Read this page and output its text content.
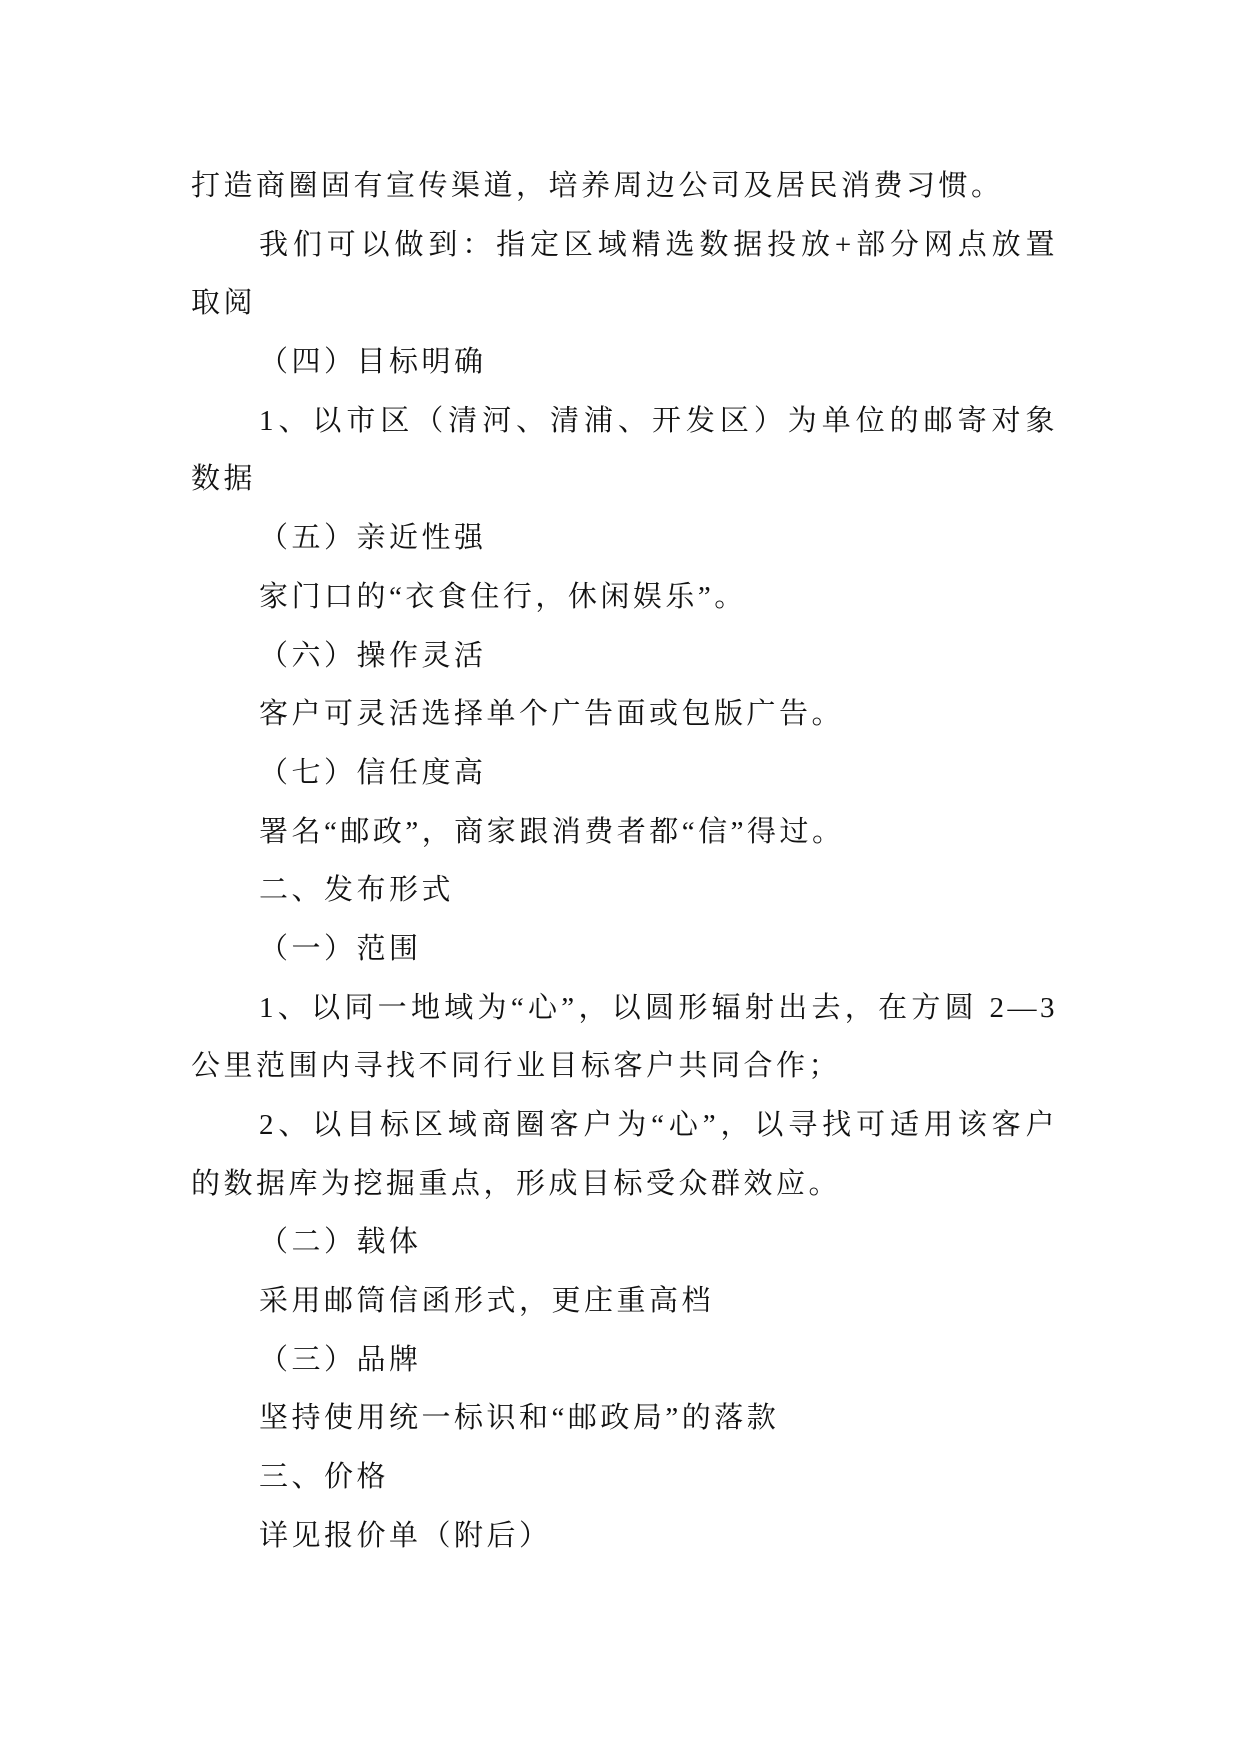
打造商圈固有宣传渠道，培养周边公司及居民消费习惯。
我们可以做到：指定区域精选数据投放+部分网点放置
取阅
（四）目标明确
1、以市区（清河、清浦、开发区）为单位的邮寄对象
数据
（五）亲近性强
家门口的“衣食住行，休闲娱乐”。
（六）操作灵活
客户可灵活选择单个广告面或包版广告。
（七）信任度高
署名“邮政”，商家跟消费者都“信”得过。
二、发布形式
（一）范围
1、以同一地域为“心”，以圆形辐射出去，在方圆 2—3
公里范围内寻找不同行业目标客户共同合作；
2、以目标区域商圈客户为“心”，以寻找可适用该客户
的数据库为挖掘重点，形成目标受众群效应。
（二）载体
采用邮筒信函形式，更庄重高档
（三）品牌
坚持使用统一标识和“邮政局”的落款
三、价格
详见报价单（附后）
